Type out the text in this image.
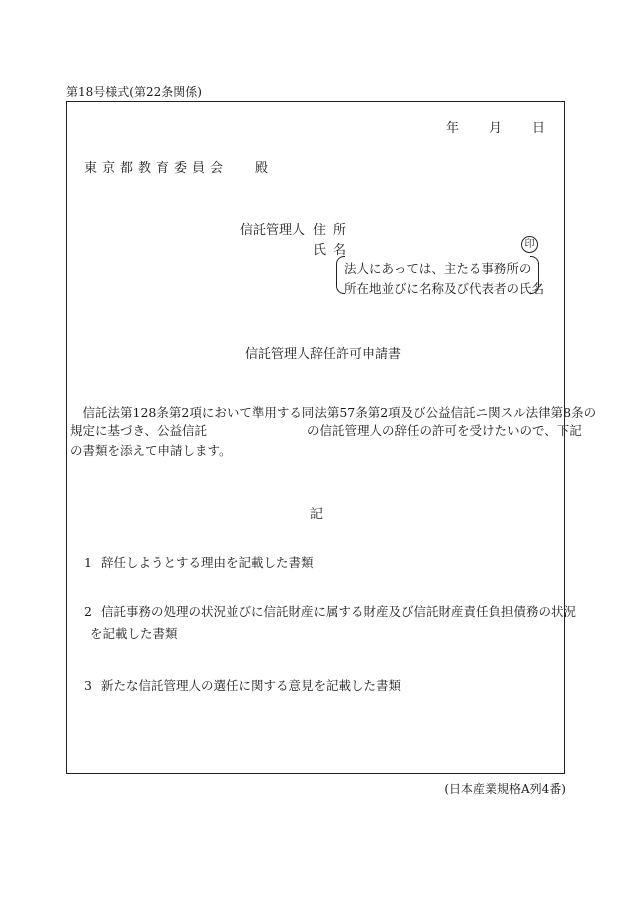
第18号様式(第22条関係)
年 月 日
東京都教育委員会 殿
信託管理人 住所
氏名	印
法人にあっては、主たる事務所の
所在地並びに名称及び代表者の氏名
信託管理人辞任許可申請書
　信託法第128条第2項において準用する同法第57条第2項及び公益信託ニ関スル法律第8条の
規定に基づき、公益信託　　　　　　　　の信託管理人の辞任の許可を受けたいので、下記
の書類を添えて申請します。
記
1 辞任しようとする理由を記載した書類
2 信託事務の処理の状況並びに信託財産に属する財産及び信託財産責任負担債務の状況
を記載した書類
3 新たな信託管理人の選任に関する意見を記載した書類
(日本産業規格A列4番)
